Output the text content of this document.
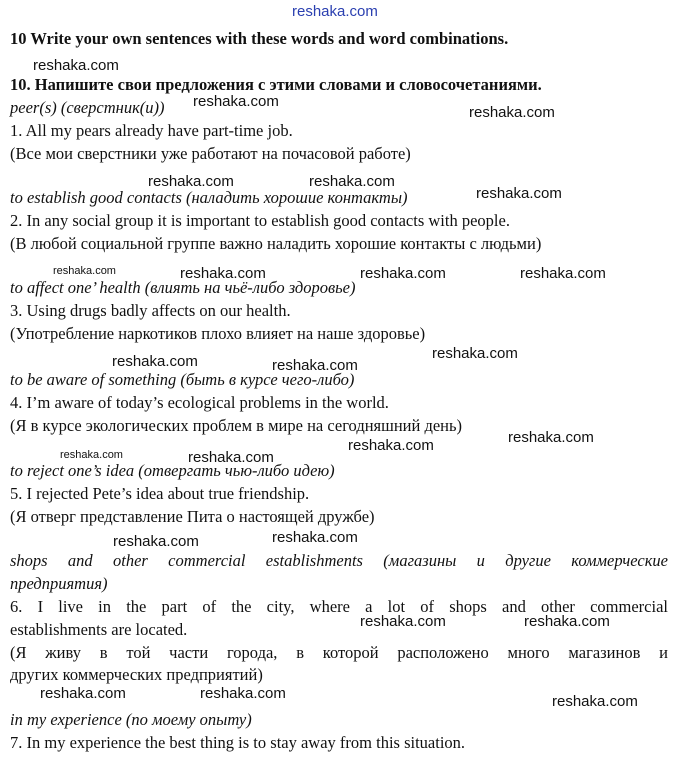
reshaka.com
10 Write your own sentences with these words and word combinations.
10. Напишите свои предложения с этими словами и словосочетаниями.
peer(s) (сверстник(и))
1. All my pears already have part-time job.
(Все мои сверстники уже работают на почасовой работе)
to establish good contacts (наладить хорошие контакты)
2. In any social group it is important to establish good contacts with people.
(В любой социальной группе важно наладить хорошие контакты с людьми)
to affect one’ health (влиять на чьё-либо здоровье)
3. Using drugs badly affects on our health.
(Употребление наркотиков плохо влияет на наше здоровье)
to be aware of something (быть в курсе чего-либо)
4. I’m aware of today’s ecological problems in the world.
(Я в курсе экологических проблем в мире на сегодняшний день)
to reject one’s idea (отвергать чью-либо идею)
5. I rejected Pete’s idea about true friendship.
(Я отверг представление Пита о настоящей дружбе)
shops and other commercial establishments (магазины и другие коммерческие
предприятия)
6. I live in the part of the city, where a lot of shops and other commercial
establishments are located.
(Я живу в той части города, в которой расположено много магазинов и
других коммерческих предприятий)
in my experience (по моему опыту)
7. In my experience the best thing is to stay away from this situation.
reshaka.com
reshaka.com
reshaka.com
reshaka.com	reshaka.com
reshaka.com
reshaka.com	reshaka.com	reshaka.com	reshaka.com
reshaka.com	reshaka.com
reshaka.com
reshaka.com	reshaka.com
reshaka.com	reshaka.com
reshaka.com	reshaka.com
reshaka.com	reshaka.com
reshaka.com	reshaka.com	reshaka.com
